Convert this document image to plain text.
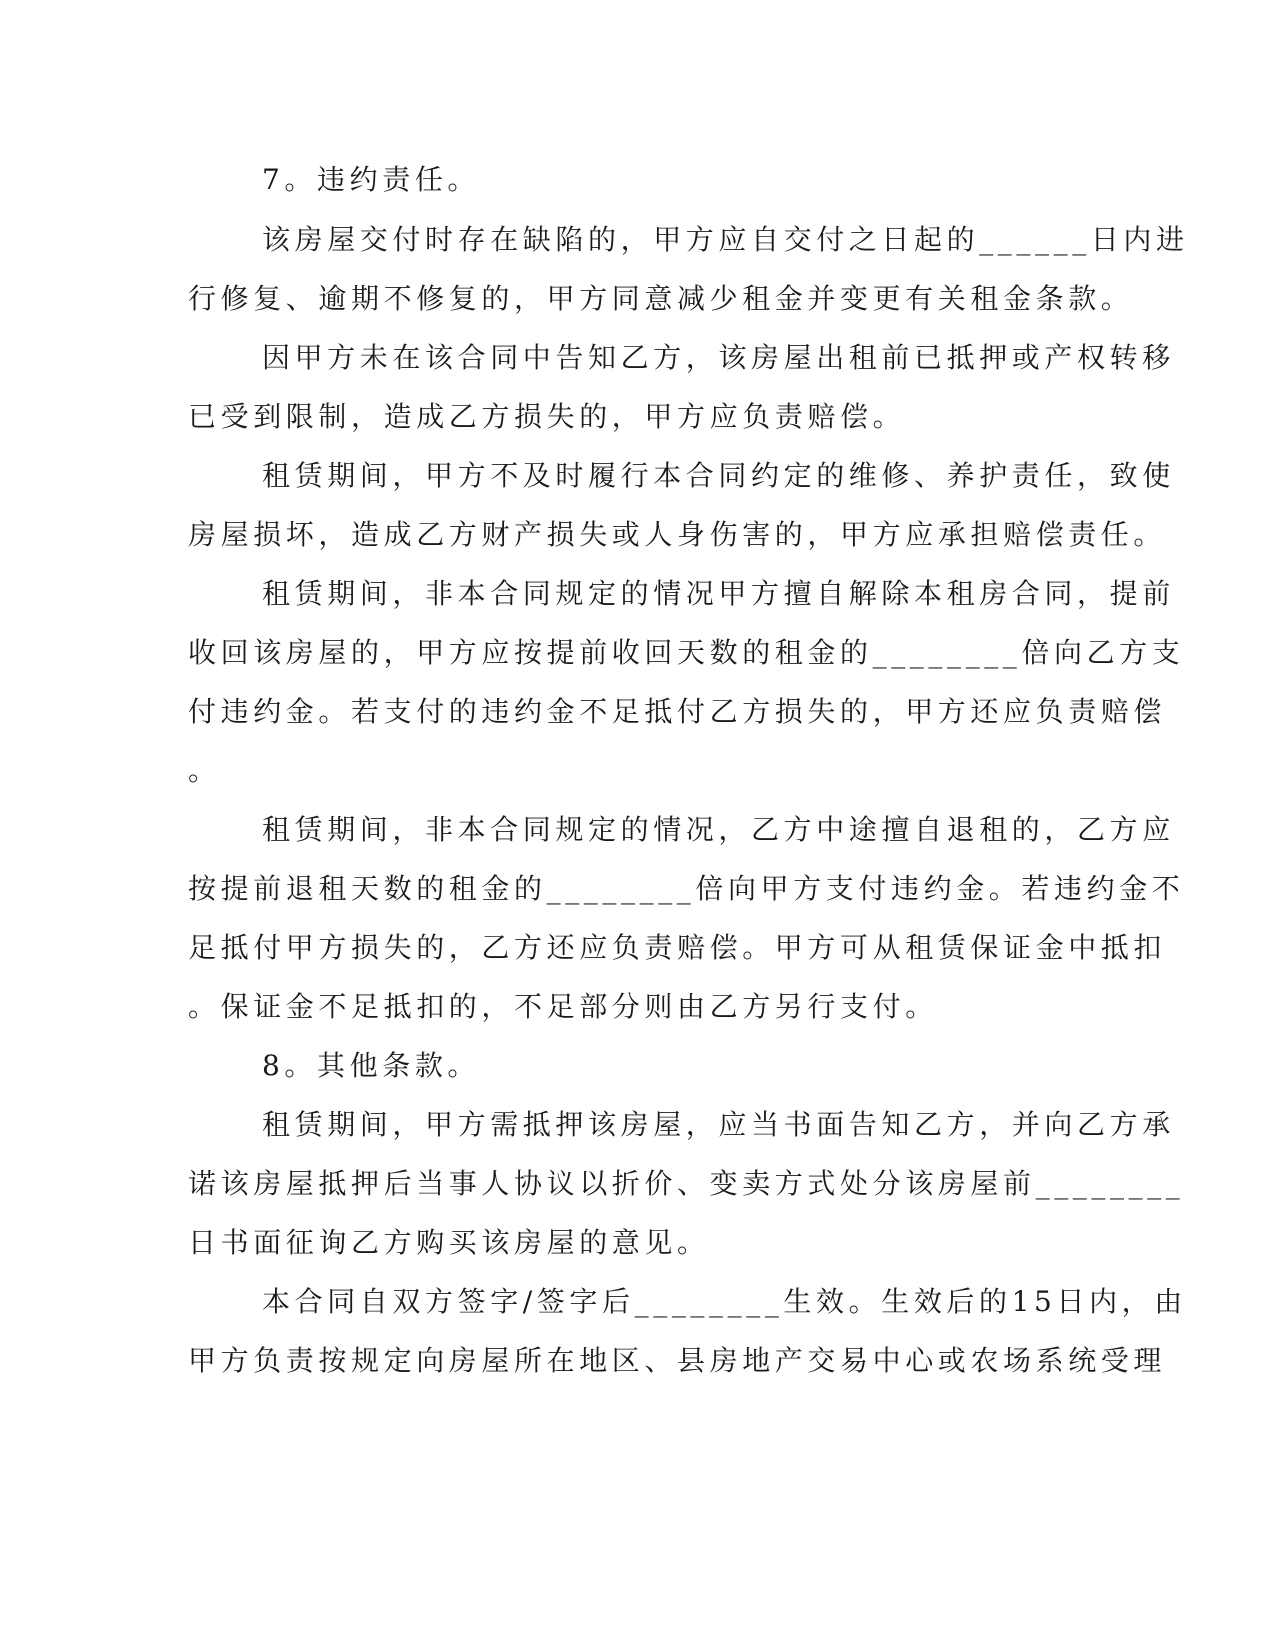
7。违约责任。
该房屋交付时存在缺陷的，甲方应自交付之日起的______日内进
行修复、逾期不修复的，甲方同意减少租金并变更有关租金条款。
因甲方未在该合同中告知乙方，该房屋出租前已抵押或产权转移
已受到限制，造成乙方损失的，甲方应负责赔偿。
租赁期间，甲方不及时履行本合同约定的维修、养护责任，致使
房屋损坏，造成乙方财产损失或人身伤害的，甲方应承担赔偿责任。
租赁期间，非本合同规定的情况甲方擅自解除本租房合同，提前
收回该房屋的，甲方应按提前收回天数的租金的________倍向乙方支
付违约金。若支付的违约金不足抵付乙方损失的，甲方还应负责赔偿
。
租赁期间，非本合同规定的情况，乙方中途擅自退租的，乙方应
按提前退租天数的租金的________倍向甲方支付违约金。若违约金不
足抵付甲方损失的，乙方还应负责赔偿。甲方可从租赁保证金中抵扣
。保证金不足抵扣的，不足部分则由乙方另行支付。
8。其他条款。
租赁期间，甲方需抵押该房屋，应当书面告知乙方，并向乙方承
诺该房屋抵押后当事人协议以折价、变卖方式处分该房屋前________
日书面征询乙方购买该房屋的意见。
本合同自双方签字/签字后________生效。生效后的15日内，由
甲方负责按规定向房屋所在地区、县房地产交易中心或农场系统受理
